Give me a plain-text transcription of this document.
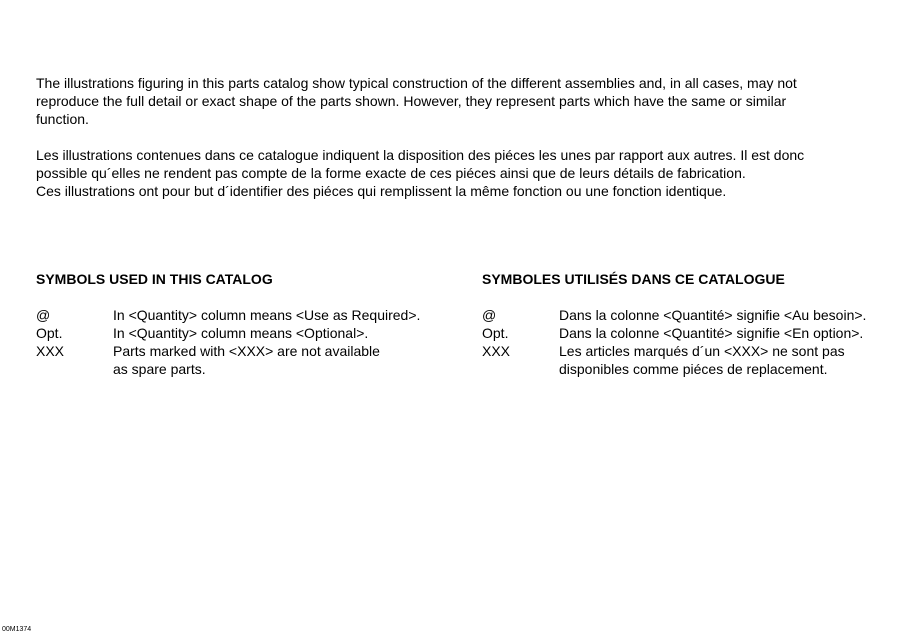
The illustrations figuring in this parts catalog show typical construction of the different assemblies and, in all cases, may not
reproduce the full detail or exact shape of the parts shown. However, they represent parts which have the same or similar
function.
Les illustrations contenues dans ce catalogue indiquent la disposition des piéces les unes par rapport aux autres. Il est donc
possible qu´elles ne rendent pas compte de la forme exacte de ces piéces ainsi que de leurs détails de fabrication.
Ces illustrations ont pour but d´identifier des piéces qui remplissent la même fonction ou une fonction identique.
SYMBOLS USED IN THIS CATALOG
@	In <Quantity> column means <Use as Required>.
Opt.	In <Quantity> column means <Optional>.
XXX	Parts marked with <XXX> are not available
as spare parts.
SYMBOLES UTILISÉS DANS CE CATALOGUE
@	Dans la colonne <Quantité> signifie <Au besoin>.
Opt.	Dans la colonne <Quantité> signifie <En option>.
XXX	Les articles marqués d´un <XXX> ne sont pas
disponibles comme piéces de replacement.
00M1374
